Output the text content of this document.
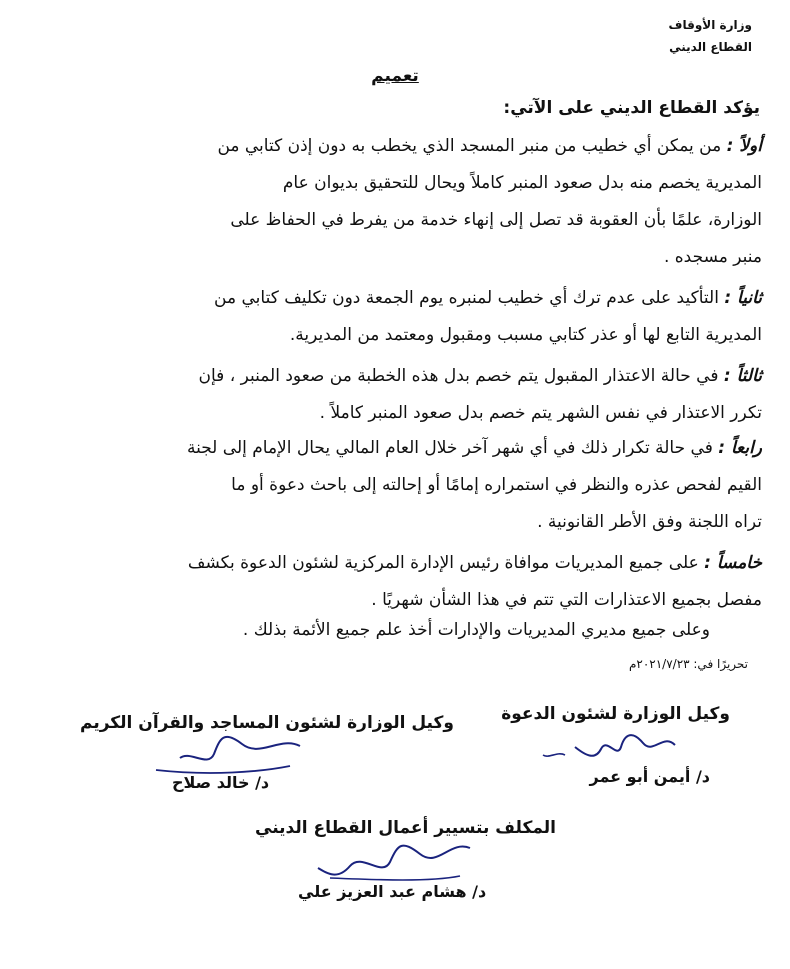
وزارة الأوقاف
القطاع الديني
تعميم
يؤكد القطاع الديني على الآتي:
أولاً : من يمكن أي خطيب من منبر المسجد الذي يخطب به دون إذن كتابي من
المديرية يخصم منه بدل صعود المنبر كاملاً ويحال للتحقيق بديوان عام
الوزارة، علمًا بأن العقوبة قد تصل إلى إنهاء خدمة من يفرط في الحفاظ على
منبر مسجده .
ثانياً : التأكيد على عدم ترك أي خطيب لمنبره يوم الجمعة دون تكليف كتابي من
المديرية التابع لها أو عذر كتابي مسبب ومقبول ومعتمد من المديرية.
ثالثاً : في حالة الاعتذار المقبول يتم خصم بدل هذه الخطبة من صعود المنبر ، فإن
تكرر الاعتذار في نفس الشهر يتم خصم بدل صعود المنبر كاملاً .
رابعاً : في حالة تكرار ذلك في أي شهر آخر خلال العام المالي يحال الإمام إلى لجنة
القيم لفحص عذره والنظر في استمراره إمامًا أو إحالته إلى باحث دعوة أو ما
تراه اللجنة وفق الأطر القانونية .
خامساً : على جميع المديريات موافاة رئيس الإدارة المركزية لشئون الدعوة بكشف
مفصل بجميع الاعتذارات التي تتم في هذا الشأن شهريًا .
وعلى جميع مديري المديريات والإدارات أخذ علم جميع الأئمة بذلك .
تحريرًا في: ٢٠٢١/٧/٢٣م
وكيل الوزارة لشئون الدعوة
د/ أيمن أبو عمر
وكيل الوزارة لشئون المساجد والقرآن الكريم
د/ خالد صلاح
المكلف بتسيير أعمال القطاع الديني
د/ هشام عبد العزيز علي
